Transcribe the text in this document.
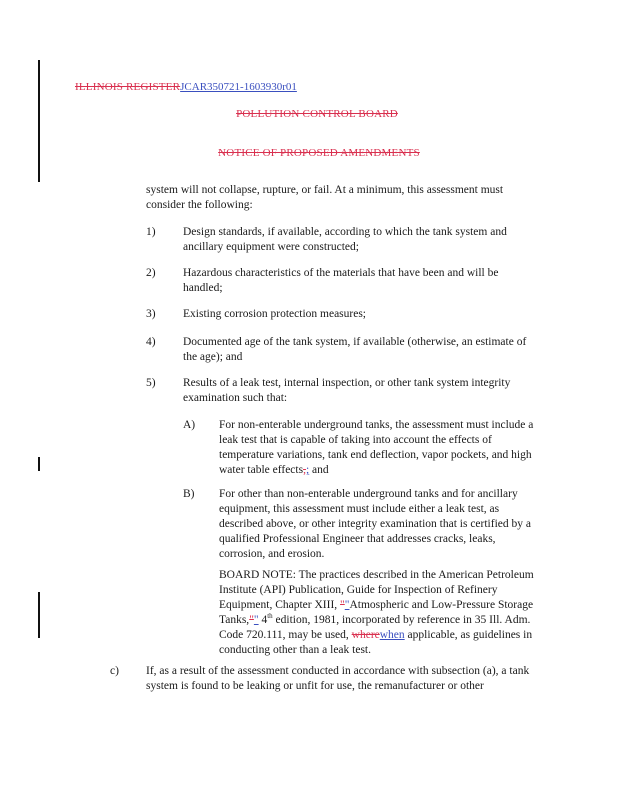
ILLINOIS REGISTERJCAR350721-1603930r01
POLLUTION CONTROL BOARD
NOTICE OF PROPOSED AMENDMENTS

system will not collapse, rupture, or fail. At a minimum, this assessment must consider the following:

1) Design standards, if available, according to which the tank system and ancillary equipment were constructed;

2) Hazardous characteristics of the materials that have been and will be handled;

3) Existing corrosion protection measures;

4) Documented age of the tank system, if available (otherwise, an estimate of the age); and

5) Results of a leak test, internal inspection, or other tank system integrity examination such that:

A) For non-enterable underground tanks, the assessment must include a leak test that is capable of taking into account the effects of temperature variations, tank end deflection, vapor pockets, and high water table effects,; and

B) For other than non-enterable underground tanks and for ancillary equipment, this assessment must include either a leak test, as described above, or other integrity examination that is certified by a qualified Professional Engineer that addresses cracks, leaks, corrosion, and erosion.

BOARD NOTE: The practices described in the American Petroleum Institute (API) Publication, Guide for Inspection of Refinery Equipment, Chapter XIII, ""Atmospheric and Low-Pressure Storage Tanks,"" 4th edition, 1981, incorporated by reference in 35 Ill. Adm. Code 720.111, may be used, wherewhen applicable, as guidelines in conducting other than a leak test.

c) If, as a result of the assessment conducted in accordance with subsection (a), a tank system is found to be leaking or unfit for use, the remanufacturer or other
